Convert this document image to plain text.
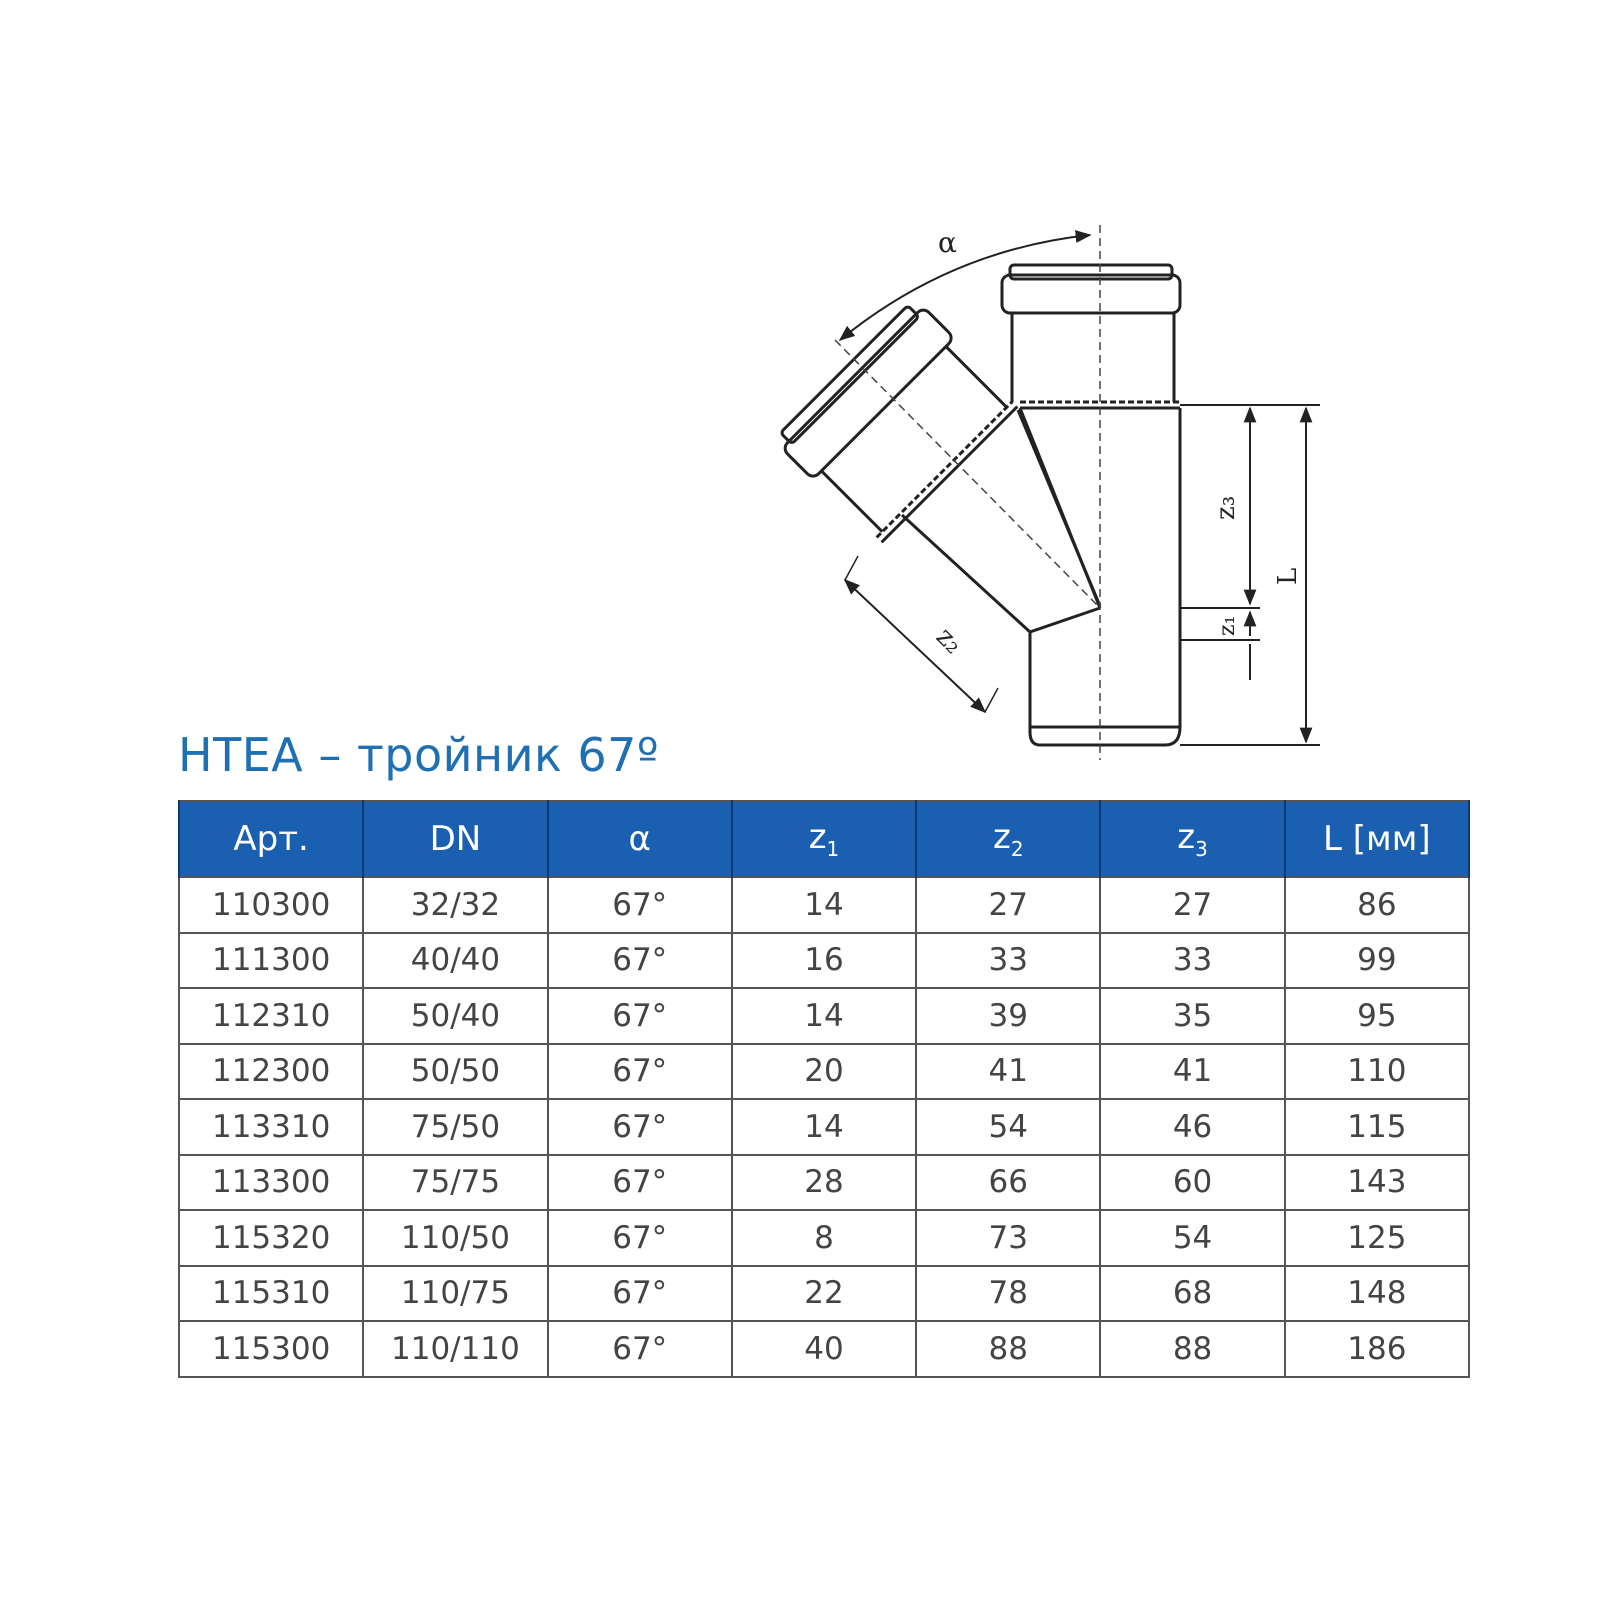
α
z₂
z₃
z₁
L
HTEA – тройник 67º
Арт.	DN	α	$z_1$	$z_2$	$z_3$	L [мм]
110300	32/32	67°	14	27	27	86
111300	40/40	67°	16	33	33	99
112310	50/40	67°	14	39	35	95
112300	50/50	67°	20	41	41	110
113310	75/50	67°	14	54	46	115
113300	75/75	67°	28	66	60	143
115320	110/50	67°	8	73	54	125
115310	110/75	67°	22	78	68	148
115300	110/110	67°	40	88	88	186
